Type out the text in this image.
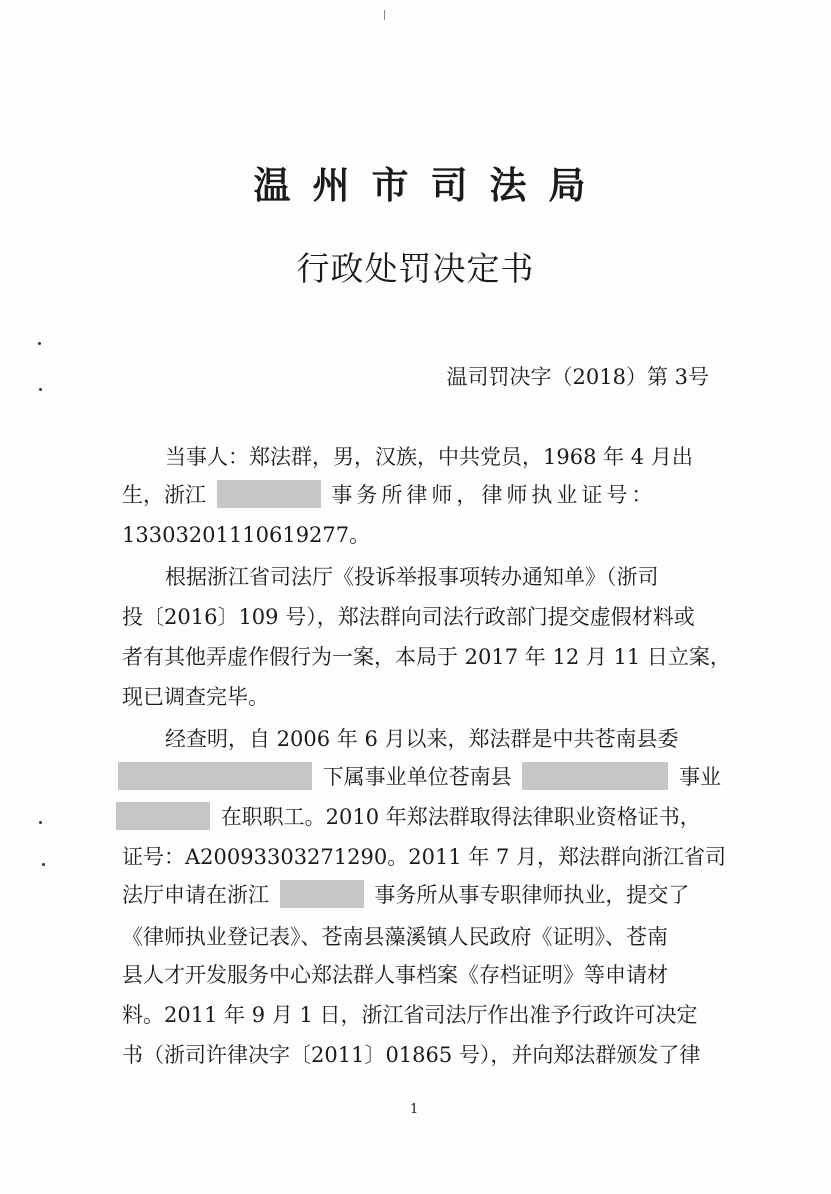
温州市司法局
行政处罚决定书
温司罚决字（2018）第 3号
当事人：郑法群，男，汉族，中共党员，1968 年 4 月出
生，浙江	事务所律师，律师执业证号：
13303201110619277。
根据浙江省司法厅《投诉举报事项转办通知单》（浙司
投〔2016〕109 号），郑法群向司法行政部门提交虚假材料或
者有其他弄虚作假行为一案，本局于 2017 年 12 月 11 日立案，
现已调查完毕。
经查明，自 2006 年 6 月以来，郑法群是中共苍南县委
下属事业单位苍南县	事业
在职职工。2010 年郑法群取得法律职业资格证书，
证号：A20093303271290。2011 年 7 月，郑法群向浙江省司
法厅申请在浙江	事务所从事专职律师执业，提交了
《律师执业登记表》、苍南县藻溪镇人民政府《证明》、苍南
县人才开发服务中心郑法群人事档案《存档证明》等申请材
料。2011 年 9 月 1 日，浙江省司法厅作出准予行政许可决定
书（浙司许律决字〔2011〕01865 号），并向郑法群颁发了律
1
